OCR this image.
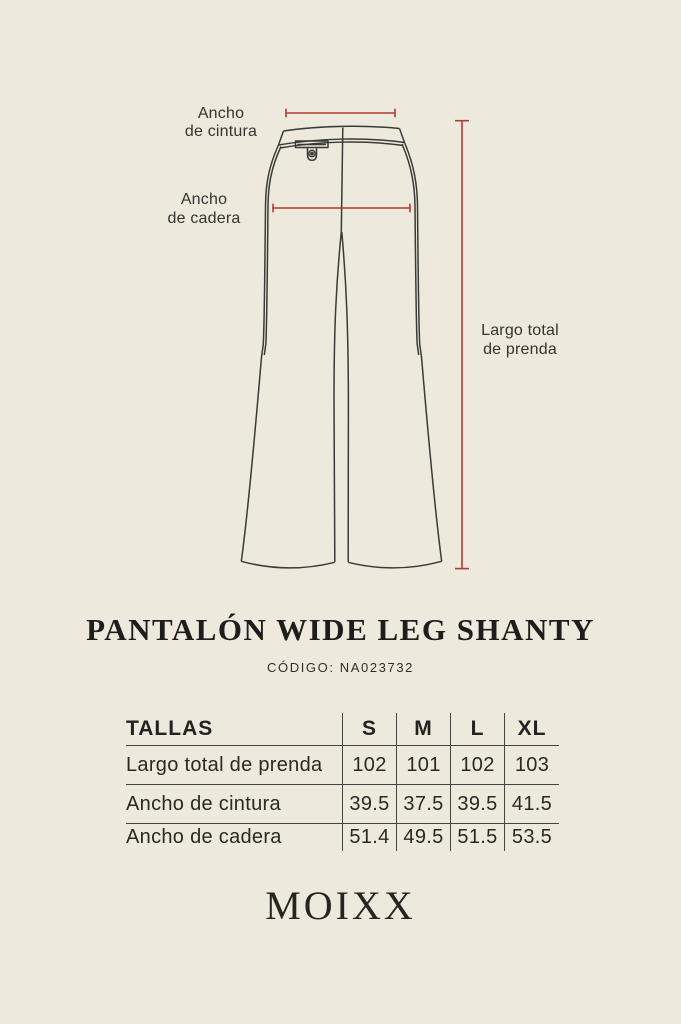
Ancho
de cintura
Ancho
de cadera
Largo total
de prenda
PANTALÓN WIDE LEG SHANTY
CÓDIGO: NA023732
TALLAS	S	M	L	XL
Largo total de prenda	102 101 102	103
Ancho de cintura	39.5 37.5 39.5 41.5
Ancho de cadera	51.4 49.5 51.5 53.5
MOIXX
